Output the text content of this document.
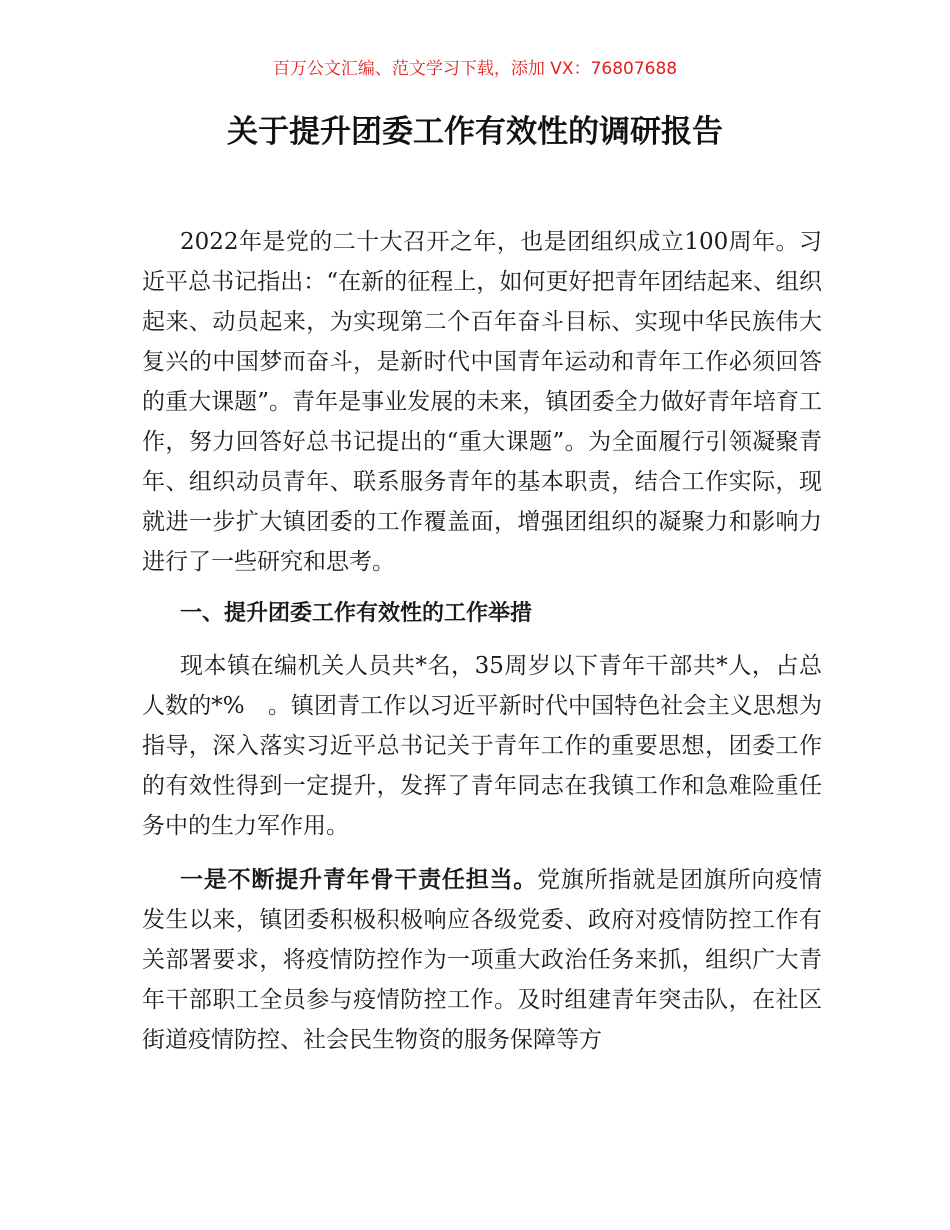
百万公文汇编、范文学习下载，添加 VX：76807688
关于提升团委工作有效性的调研报告

2022年是党的二十大召开之年，也是团组织成立100周年。习近平总书记指出：“在新的征程上，如何更好把青年团结起来、组织起来、动员起来，为实现第二个百年奋斗目标、实现中华民族伟大复兴的中国梦而奋斗，是新时代中国青年运动和青年工作必须回答的重大课题”。青年是事业发展的未来，镇团委全力做好青年培育工作，努力回答好总书记提出的“重大课题”。为全面履行引领凝聚青年、组织动员青年、联系服务青年的基本职责，结合工作实际，现就进一步扩大镇团委的工作覆盖面，增强团组织的凝聚力和影响力进行了一些研究和思考。

一、提升团委工作有效性的工作举措

现本镇在编机关人员共*名，35周岁以下青年干部共*人，占总人数的*%　。镇团青工作以习近平新时代中国特色社会主义思想为指导，深入落实习近平总书记关于青年工作的重要思想，团委工作的有效性得到一定提升，发挥了青年同志在我镇工作和急难险重任务中的生力军作用。

一是不断提升青年骨干责任担当。党旗所指就是团旗所向疫情发生以来，镇团委积极积极响应各级党委、政府对疫情防控工作有关部署要求，将疫情防控作为一项重大政治任务来抓，组织广大青年干部职工全员参与疫情防控工作。及时组建青年突击队，在社区街道疫情防控、社会民生物资的服务保障等方
